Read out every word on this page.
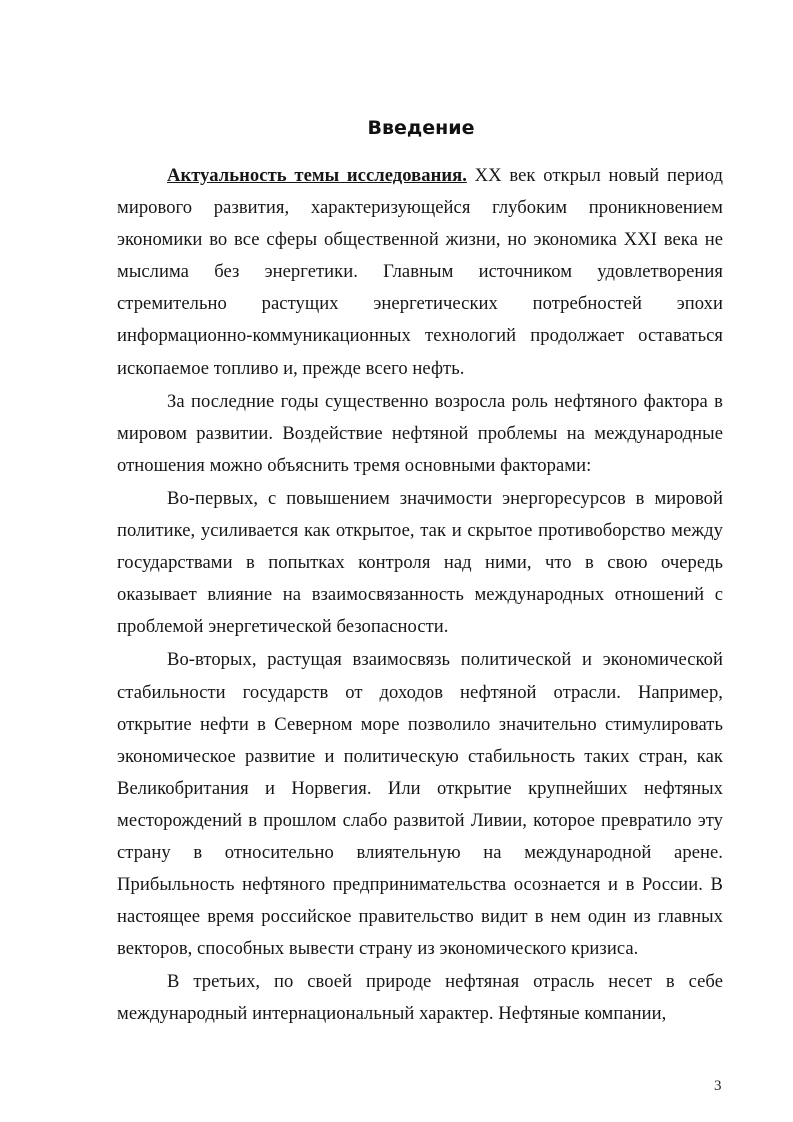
Введение

Актуальность темы исследования. XX век открыл новый период мирового развития, характеризующейся глубоким проникновением экономики во все сферы общественной жизни, но экономика XXI века не мыслима без энергетики. Главным источником удовлетворения стремительно растущих энергетических потребностей эпохи информационно-коммуникационных технологий продолжает оставаться ископаемое топливо и, прежде всего нефть.

За последние годы существенно возросла роль нефтяного фактора в мировом развитии. Воздействие нефтяной проблемы на международные отношения можно объяснить тремя основными факторами:

Во-первых, с повышением значимости энергоресурсов в мировой политике, усиливается как открытое, так и скрытое противоборство между государствами в попытках контроля над ними, что в свою очередь оказывает влияние на взаимосвязанность международных отношений с проблемой энергетической безопасности.

Во-вторых, растущая взаимосвязь политической и экономической стабильности государств от доходов нефтяной отрасли. Например, открытие нефти в Северном море позволило значительно стимулировать экономическое развитие и политическую стабильность таких стран, как Великобритания и Норвегия. Или открытие крупнейших нефтяных месторождений в прошлом слабо развитой Ливии, которое превратило эту страну в относительно влиятельную на международной арене. Прибыльность нефтяного предпринимательства осознается и в России. В настоящее время российское правительство видит в нем один из главных векторов, способных вывести страну из экономического кризиса.

В третьих, по своей природе нефтяная отрасль несет в себе международный интернациональный характер. Нефтяные компании,

3
